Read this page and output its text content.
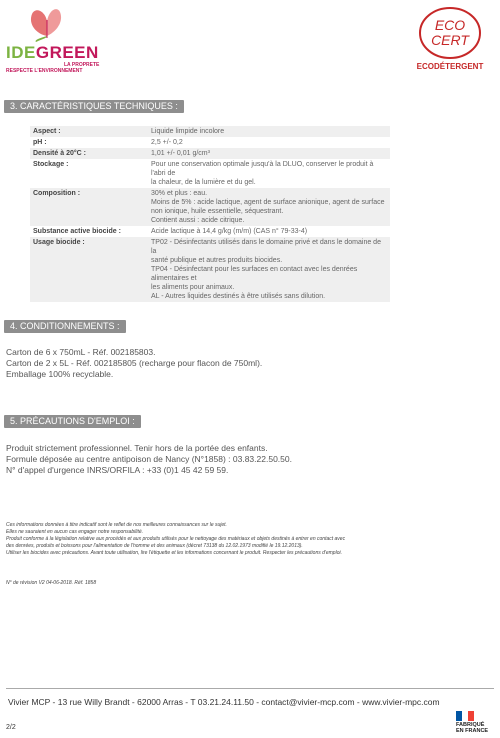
IDEGREEN
LA PROPRETE
RESPECTE L'ENVIRONNEMENT
ECO
CERT
ECODÉTERGENT
3. CARACTÉRISTIQUES TECHNIQUES :
Aspect :	Liquide limpide incolore

pH :	2,5 +/- 0,2

Densité à 20°C :	1,01 +/- 0,01 g/cm³

Stockage :	Pour une conservation optimale jusqu'à la DLUO, conserver le produit à l'abri de
la chaleur, de la lumière et du gel.

Composition :	30% et plus : eau.
Moins de 5% : acide lactique, agent de surface anionique, agent de surface
non ionique, huile essentielle, séquestrant.
Contient aussi : acide citrique.

Substance active biocide :	Acide lactique à 14,4 g/kg (m/m) (CAS n° 79-33-4)

Usage biocide :	TP02 - Désinfectants utilisés dans le domaine privé et dans le domaine de la
santé publique et autres produits biocides.
TP04 - Désinfectant pour les surfaces en contact avec les denrées alimentaires et
les aliments pour animaux.
AL - Autres liquides destinés à être utilisés sans dilution.
4. CONDITIONNEMENTS :
Carton de 6 x 750mL - Réf. 002185803.
Carton de 2 x 5L - Réf. 002185805 (recharge pour flacon de 750ml).
Emballage 100% recyclable.
5. PRÉCAUTIONS D'EMPLOI :
Produit strictement professionnel. Tenir hors de la portée des enfants.
Formule déposée au centre antipoison de Nancy (N°1858) : 03.83.22.50.50.
N° d'appel d'urgence INRS/ORFILA : +33 (0)1 45 42 59 59.
Ces informations données à titre indicatif sont le reflet de nos meilleures connaissances sur le sujet.
Elles ne sauraient en aucun cas engager notre responsabilité.
Produit conforme à la législation relative aux procédés et aux produits utilisés pour le nettoyage des matériaux et objets destinés à entrer en contact avec
des denrées, produits et boissons pour l'alimentation de l'homme et des animaux (décret 73138 du 12.02.1973 modifié le 19.12.2013).
Utiliser les biocides avec précautions. Avant toute utilisation, lire l'étiquette et les informations concernant le produit. Respecter les précautions d'emploi.
N° de révision V2 04-06-2018. Réf. 1858
Vivier MCP - 13 rue Willy Brandt - 62000 Arras - T 03.21.24.11.50 - contact@vivier-mcp.com - www.vivier-mpc.com
2/2	FABRIQUÉ
EN FRANCE
